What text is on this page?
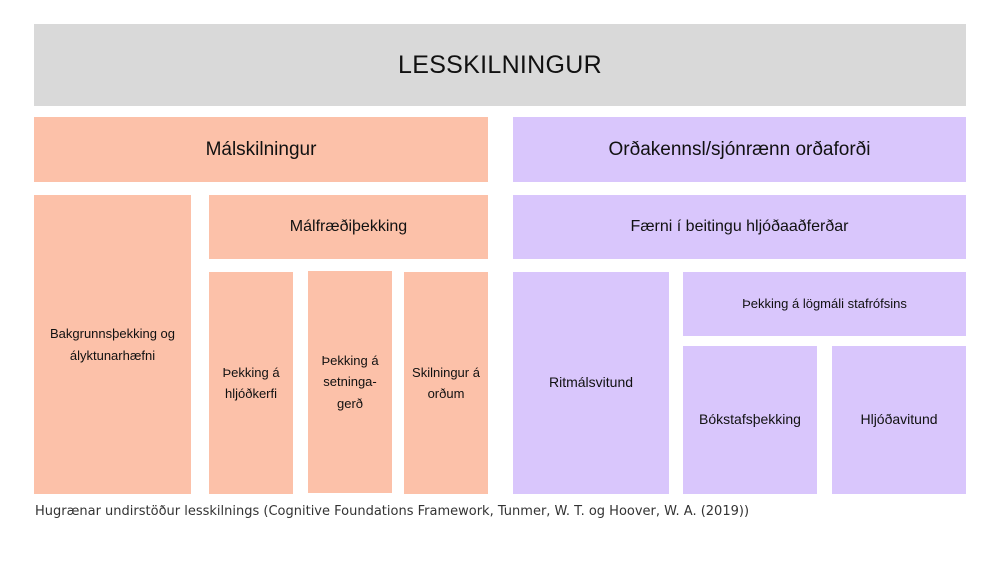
LESSKILNINGUR
Málskilningur
Bakgrunnsþekking og
ályktunarhæfni
Málfræðiþekking
Þekking á
hljóðkerfi
Þekking á
setninga-
gerð
Skilningur á
orðum
Orðakennsl/sjónrænn orðaforði
Færni í beitingu hljóðaaðferðar
Ritmálsvitund
Þekking á lögmáli stafrófsins
Bókstafsþekking	Hljóðavitund
Hugrænar undirstöður lesskilnings (Cognitive Foundations Framework, Tunmer, W. T. og Hoover, W. A. (2019))
